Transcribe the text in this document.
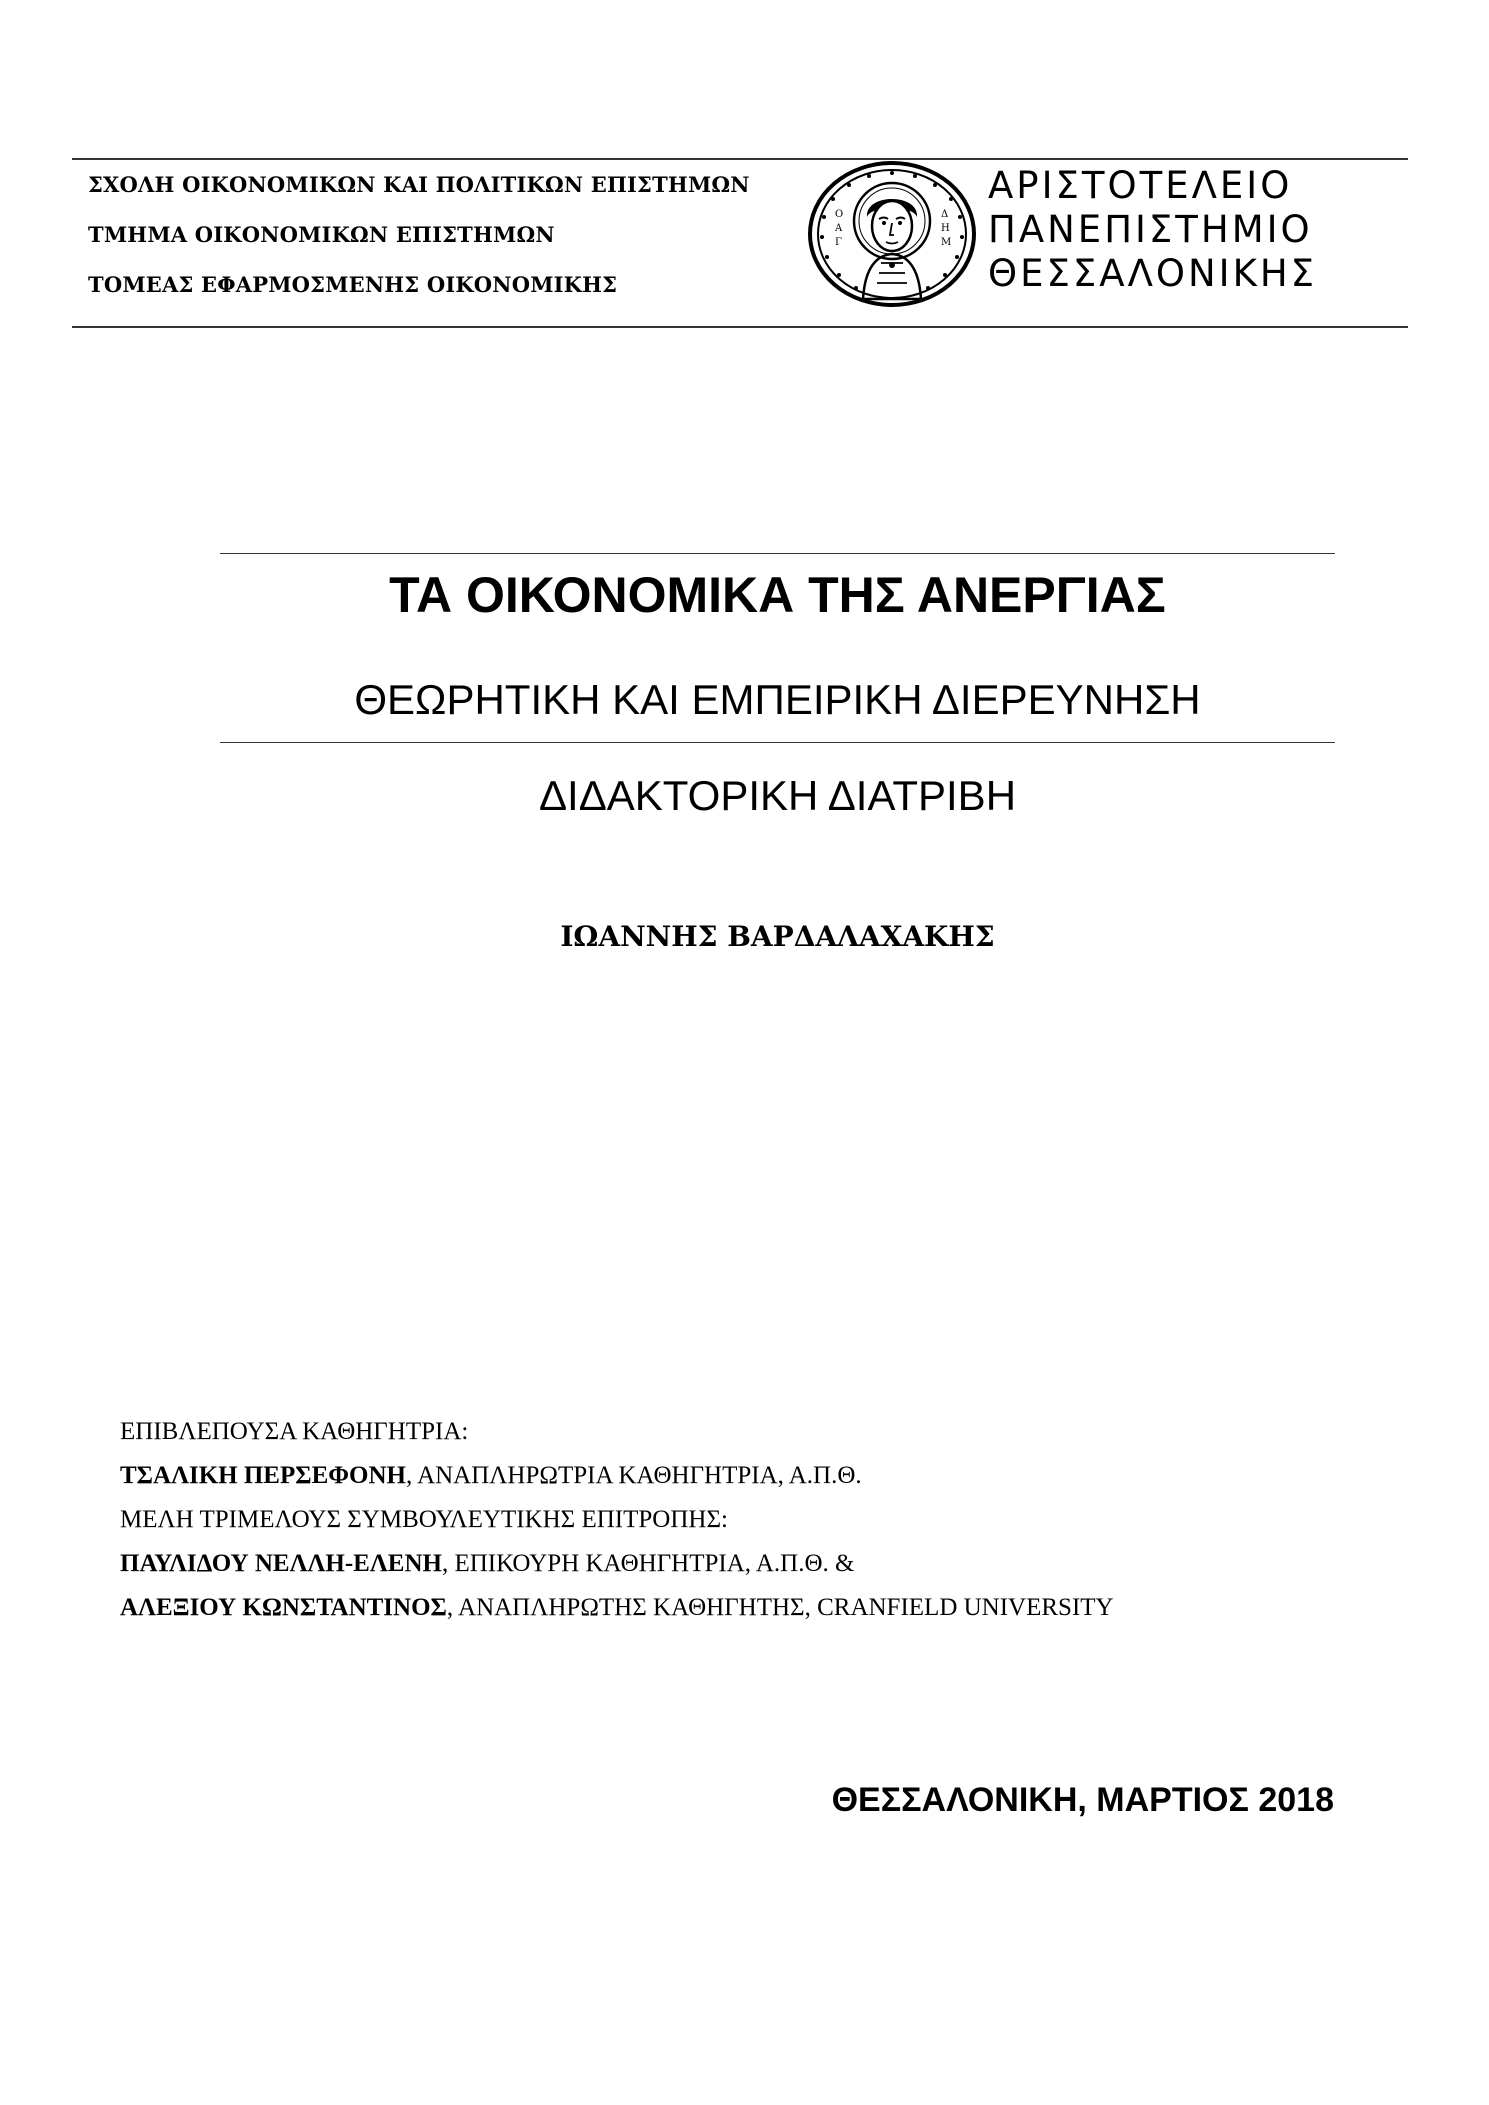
ΣΧΟΛΗ ΟΙΚΟΝΟΜΙΚΩΝ ΚΑΙ ΠΟΛΙΤΙΚΩΝ ΕΠΙΣΤΗΜΩΝ
ΤΜΗΜΑ ΟΙΚΟΝΟΜΙΚΩΝ ΕΠΙΣΤΗΜΩΝ
ΤΟΜΕΑΣ ΕΦΑΡΜΟΣΜΕΝΗΣ ΟΙΚΟΝΟΜΙΚΗΣ
Ο
Α
Γ
Δ
Η
Μ
ΑΡΙΣΤΟΤΕΛΕΙΟ
ΠΑΝΕΠΙΣΤΗΜΙΟ
ΘΕΣΣΑΛΟΝΙΚΗΣ
ΤΑ ΟΙΚΟΝΟΜΙΚΑ ΤΗΣ ΑΝΕΡΓΙΑΣ
ΘΕΩΡΗΤΙΚΗ ΚΑΙ ΕΜΠΕΙΡΙΚΗ ΔΙΕΡΕΥΝΗΣΗ
ΔΙΔΑΚΤΟΡΙΚΗ ΔΙΑΤΡΙΒΗ
ΙΩΑΝΝΗΣ ΒΑΡΔΑΛΑΧΑΚΗΣ
ΕΠΙΒΛΕΠΟΥΣΑ ΚΑΘΗΓΗΤΡΙΑ:
ΤΣΑΛΙΚΗ ΠΕΡΣΕΦΟΝΗ, ΑΝΑΠΛΗΡΩΤΡΙΑ ΚΑΘΗΓΗΤΡΙΑ, Α.Π.Θ.
ΜΕΛΗ ΤΡΙΜΕΛΟΥΣ ΣΥΜΒΟΥΛΕΥΤΙΚΗΣ ΕΠΙΤΡΟΠΗΣ:
ΠΑΥΛΙΔΟΥ ΝΕΛΛΗ-ΕΛΕΝΗ, ΕΠΙΚΟΥΡΗ ΚΑΘΗΓΗΤΡΙΑ, Α.Π.Θ. &
ΑΛΕΞΙΟΥ ΚΩΝΣΤΑΝΤΙΝΟΣ, ΑΝΑΠΛΗΡΩΤΗΣ ΚΑΘΗΓΗΤΗΣ, CRANFIELD UNIVERSITY
ΘΕΣΣΑΛΟΝΙΚΗ, ΜΑΡΤΙΟΣ 2018
